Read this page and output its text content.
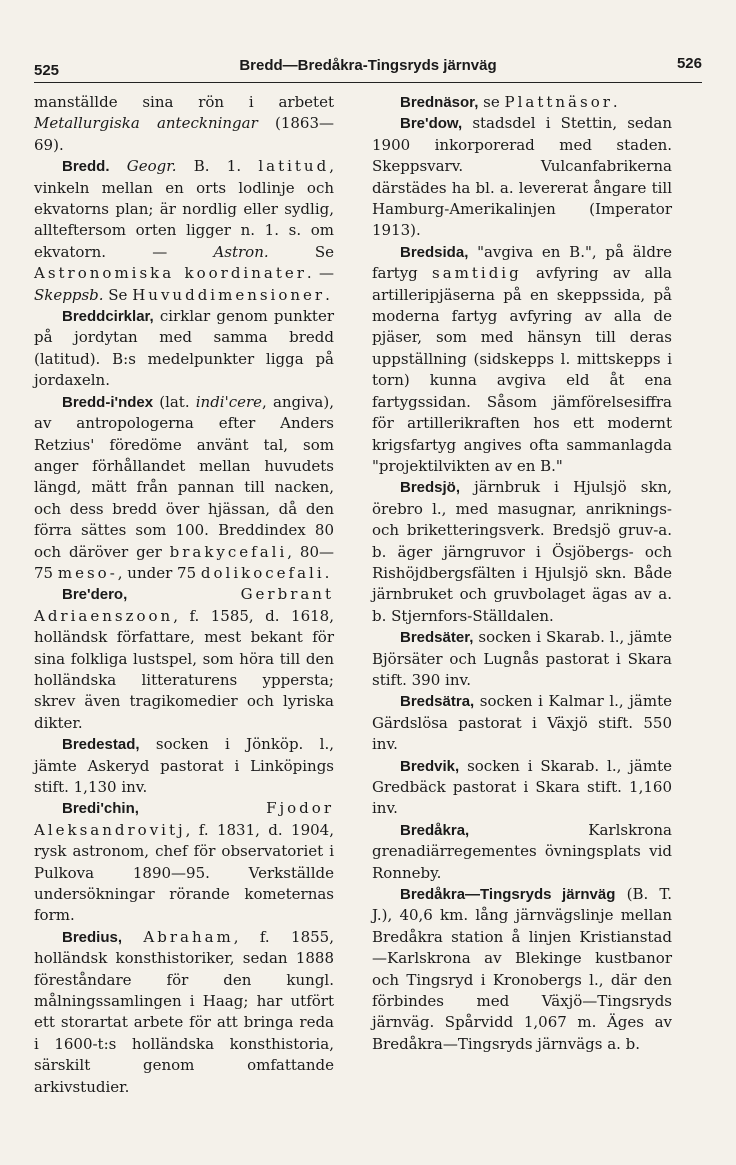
525	Bredd—Bredåkra-Tingsryds järnväg	526

manställde sina rön i arbetet Metallurgiska anteckningar (1863—69).

Bredd. Geogr. B. 1. latitud, vinkeln mellan en orts lodlinje och ekvatorns plan; är nordlig eller sydlig, allteftersom orten ligger n. 1. s. om ekvatorn. — Astron. Se Astronomiska koordinater. — Skeppsb. Se Huvuddimensioner.

Breddcirklar, cirklar genom punkter på jordytan med samma bredd (latitud). B:s medelpunkter ligga på jordaxeln.

Bredd-i'ndex (lat. indi'cere, angiva), av antropologerna efter Anders Retzius' föredöme använt tal, som anger förhållandet mellan huvudets längd, mätt från pannan till nacken, och dess bredd över hjässan, då den förra sättes som 100. Breddindex 80 och däröver ger brakycefali, 80—75 meso-, under 75 dolikocefali.

Bre'dero,	Gerbrant Adriaenszoon, f. 1585, d. 1618, holländsk författare, mest bekant för sina folkliga lustspel, som höra till den holländska litteraturens ypperstа; skrev även tragikomedier och lyriska dikter.

Bredestad, socken i Jönköp. l., jämte Askeryd pastorat i Linköpings stift. 1,130 inv.

Bredi'chin,	Fjodor Aleksandrovitj, f. 1831, d. 1904, rysk astronom, chef för observatoriet i Pulkova 1890—95. Verkställde undersökningar rörande kometernas form.

Bredius, Abraham, f. 1855, holländsk konsthistoriker, sedan 1888 föreståndare för den kungl. målningssamlingen i Haag; har utfört ett storartat arbete för att bringa reda i 1600-t:s holländska konsthistoria, särskilt genom omfattande arkivstudier.

Brednäsor, se Plattnäsor.

Bre'dow, stadsdel i Stettin, sedan 1900 inkorporerad med staden. Skeppsvarv. Vulcanfabrikerna därstädes ha bl. a. levererat ångare till Hamburg-Amerikalinjen (Imperator 1913).

Bredsida, "avgiva en B.", på äldre fartyg samtidig avfyring av alla artilleripjäserna på en skeppssida, på moderna fartyg avfyring av alla de pjäser, som med hänsyn till deras uppställning (sidskepps l. mittskepps i torn) kunna avgiva eld åt ena fartygssidan. Såsom jämförelsesiffra för artillerikraften hos ett modernt krigsfartyg angives ofta sammanlagda "projektilvikten av en B."

Bredsjö, järnbruk i Hjulsjö skn, örebro l., med masugnar, anriknings- och briketteringsverk. Bredsjö gruv-a. b. äger järngruvor i Ösjöbergs- och Rishöjdbergsfälten i Hjulsjö skn. Både järnbruket och gruvbolaget ägas av a. b. Stjernfors-Ställdalen.

Bredsäter, socken i Skarab. l., jämte Björsäter och Lugnås pastorat i Skara stift. 390 inv.

Bredsätra, socken i Kalmar l., jämte Gärdslösa pastorat i Växjö stift. 550 inv.

Bredvik, socken i Skarab. l., jämte Gredbäck pastorat i Skara stift. 1,160 inv.

Bredåkra, Karlskrona grenadiärregementes övningsplats vid Ronneby.

Bredåkra—Tingsryds järnväg (B. T. J.), 40,6 km. lång järnvägslinje mellan Bredåkra station å linjen Kristianstad—Karlskrona av Blekinge kustbanor och Tingsryd i Kronobergs l., där den förbindes med Växjö—Tingsryds järnväg. Spårvidd 1,067 m. Äges av Bredåkra—Tingsryds järnvägs a. b.
